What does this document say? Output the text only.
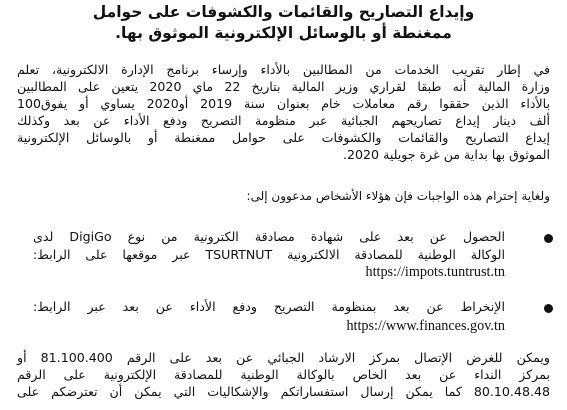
وإيداع التصاريح والقائمات والكشوفات على حوامل
ممغنطة أو بالوسائل الإلكترونية الموثوق بها.
في إطار تقريب الخدمات من المطالبين بالأداء وإرساء برنامج الإدارة الالكترونية، تعلم
وزارة المالية أنه طبقا لقراري وزير المالية بتاريخ 22 ماي 2020 يتعين على المطالبين
بالأداء الذين حققوا رقم معاملات خام بعنوان سنة 2019 أو2020 يساوي أو يفوق100
ألف دينار إيداع تصاريحهم الجبائية عبر منظومة التصريح ودفع الأداء عن بعد وكذلك
إيداع التصاريح والقائمات والكشوفات على حوامل ممغنطة أو بالوسائل الإلكترونية
الموثوق بها بداية من غرة جويلية 2020.
ولغاية إحترام هذه الواجبات فإن هؤلاء الأشخاص مدعوون إلى:
الحصول عن بعد على شهادة مصادقة الكترونية من نوع DigiGo لدى
الوكالة الوطنية للمصادقة الالكترونية TSURTNUT عبر موقعها على الرابط:
https://impots.tuntrust.tn
الإنخراط عن بعد بمنظومة التصريح ودفع الأداء عن بعد عبر الرابط:
https://www.finances.gov.tn
ويمكن للغرض الإتصال بمركز الارشاد الجبائي عن بعد على الرقم 81.100.400 أو
بمركز النداء عن بعد الخاص بالوكالة الوطنية للمصادقة الإلكترونية على الرقم
80.10.48.48 كما يمكن إرسال استفساراتكم والإشكاليات التي يمكن أن تعترضكم على
